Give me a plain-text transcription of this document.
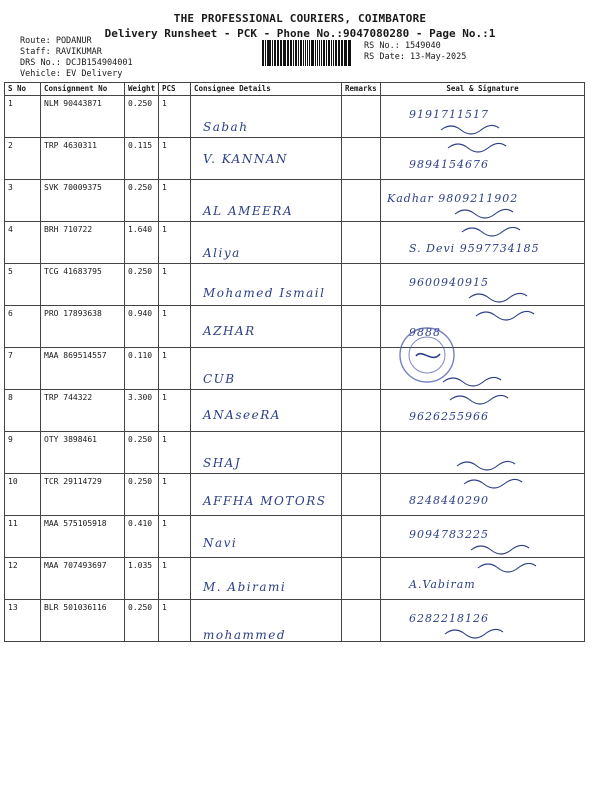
THE PROFESSIONAL COURIERS, COIMBATORE
Delivery Runsheet - PCK - Phone No.:9047080280 - Page No.:1
Route: PODANUR
Staff: RAVIKUMAR
DRS No.: DCJB154904001
Vehicle: EV Delivery
RS No.: 1549040
RS Date: 13-May-2025
S No	Consignment No	Weight	PCS	Consignee Details	Remarks	Seal & Signature
1	NLM 90443871	0.250	1	Sabah		9191711517

2	TRP 4630311	0.115	1	V. KANNAN		9894154676

3	SVK 70009375	0.250	1	AL AMEERA		Kadhar 9809211902

4	BRH 710722	1.640	1	Aliya		S. Devi 9597734185

5	TCG 41683795	0.250	1	Mohamed Ismail		9600940915

6	PRO 17893638	0.940	1	AZHAR		9888

7	MAA 869514557	0.110	1	CUB

8	TRP 744322	3.300	1	ANAseeRA		9626255966

9	OTY 3898461	0.250	1	SHAJ

10	TCR 29114729	0.250	1	AFFHA MOTORS		8248440290

11	MAA 575105918	0.410	1	Navi		9094783225

12	MAA 707493697	1.035	1	M. Abirami		A.Vabiram

13	BLR 501036116	0.250	1	mohammed		6282218126
